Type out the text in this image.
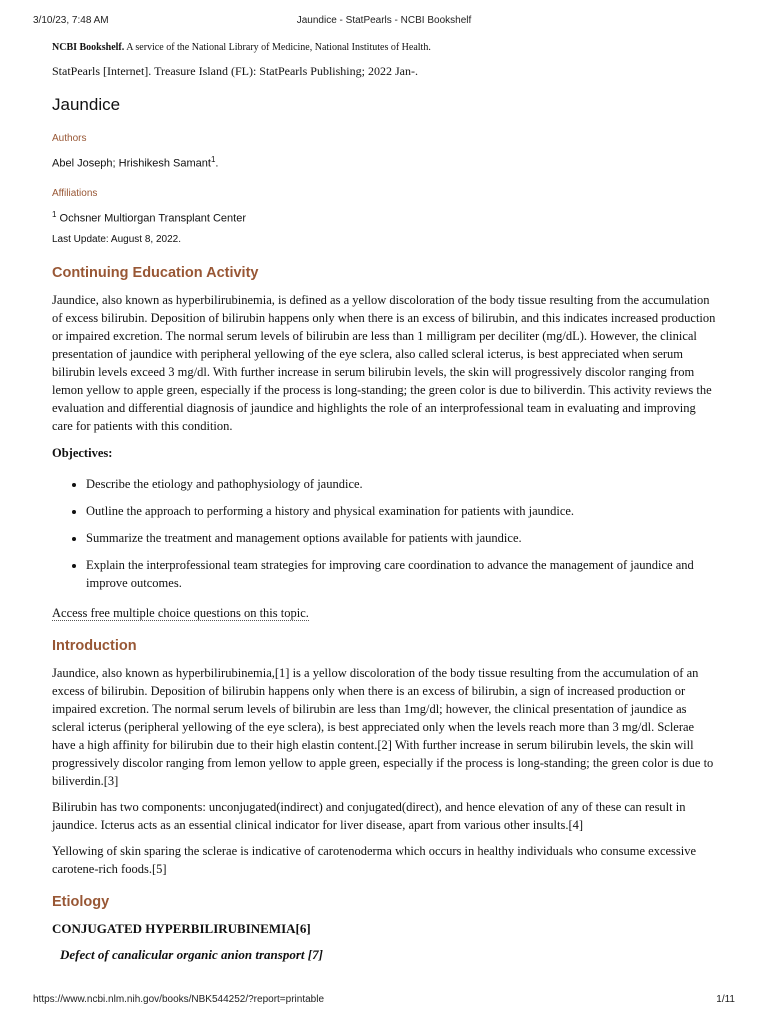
3/10/23, 7:48 AM	Jaundice - StatPearls - NCBI Bookshelf

NCBI Bookshelf. A service of the National Library of Medicine, National Institutes of Health.

StatPearls [Internet]. Treasure Island (FL): StatPearls Publishing; 2022 Jan-.

Jaundice

Authors

Abel Joseph; Hrishikesh Samant$^1$.

Affiliations

$^1$ Ochsner Multiorgan Transplant Center

Last Update: August 8, 2022.

Continuing Education Activity

Jaundice, also known as hyperbilirubinemia, is defined as a yellow discoloration of the body tissue resulting from the accumulation of excess bilirubin. Deposition of bilirubin happens only when there is an excess of bilirubin, and this indicates increased production or impaired excretion. The normal serum levels of bilirubin are less than 1 milligram per deciliter (mg/dL). However, the clinical presentation of jaundice with peripheral yellowing of the eye sclera, also called scleral icterus, is best appreciated when serum bilirubin levels exceed 3 mg/dl. With further increase in serum bilirubin levels, the skin will progressively discolor ranging from lemon yellow to apple green, especially if the process is long-standing; the green color is due to biliverdin. This activity reviews the evaluation and differential diagnosis of jaundice and highlights the role of an interprofessional team in evaluating and improving care for patients with this condition.

Objectives:

• Describe the etiology and pathophysiology of jaundice.
• Outline the approach to performing a history and physical examination for patients with jaundice.
• Summarize the treatment and management options available for patients with jaundice.
• Explain the interprofessional team strategies for improving care coordination to advance the management of jaundice and improve outcomes.

Access free multiple choice questions on this topic.

Introduction

Jaundice, also known as hyperbilirubinemia,[1] is a yellow discoloration of the body tissue resulting from the accumulation of an excess of bilirubin. Deposition of bilirubin happens only when there is an excess of bilirubin, a sign of increased production or impaired excretion. The normal serum levels of bilirubin are less than 1mg/dl; however, the clinical presentation of jaundice as scleral icterus (peripheral yellowing of the eye sclera), is best appreciated only when the levels reach more than 3 mg/dl. Sclerae have a high affinity for bilirubin due to their high elastin content.[2] With further increase in serum bilirubin levels, the skin will progressively discolor ranging from lemon yellow to apple green, especially if the process is long-standing; the green color is due to biliverdin.[3]

Bilirubin has two components: unconjugated(indirect) and conjugated(direct), and hence elevation of any of these can result in jaundice. Icterus acts as an essential clinical indicator for liver disease, apart from various other insults.[4]

Yellowing of skin sparing the sclerae is indicative of carotenoderma which occurs in healthy individuals who consume excessive carotene-rich foods.[5]

Etiology

CONJUGATED HYPERBILIRUBINEMIA[6]

Defect of canalicular organic anion transport [7]

https://www.ncbi.nlm.nih.gov/books/NBK544252/?report=printable	1/11
